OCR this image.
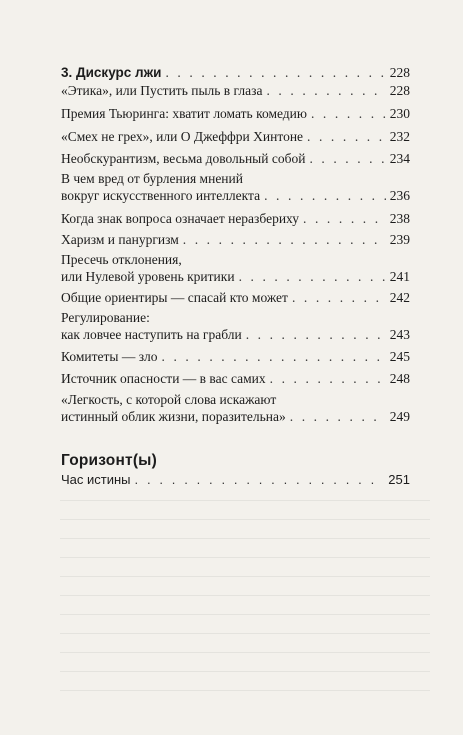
3. Дискурс лжи . . .	228
«Этика», или Пустить пыль в глаза . . .	228
Премия Тьюринга: хватит ломать комедию . . .	230
«Смех не грех», или О Джеффри Хинтоне . . .	232
Необскурантизм, весьма довольный собой . . .	234
В чем вред от бурления мнений
вокруг искусственного интеллекта . . .	236
Когда знак вопроса означает неразбериху . . .	238
Харизм и панургизм . . .	239
Пресечь отклонения,
или Нулевой уровень критики . . .	241
Общие ориентиры — спасай кто может . . .	242
Регулирование:
как ловчее наступить на грабли . . .	243
Комитеты — зло . . .	245
Источник опасности — в вас самих . . .	248
«Легкость, с которой слова искажают
истинный облик жизни, поразительна» . . .	249
Горизонт(ы)
Час истины . . .	251
